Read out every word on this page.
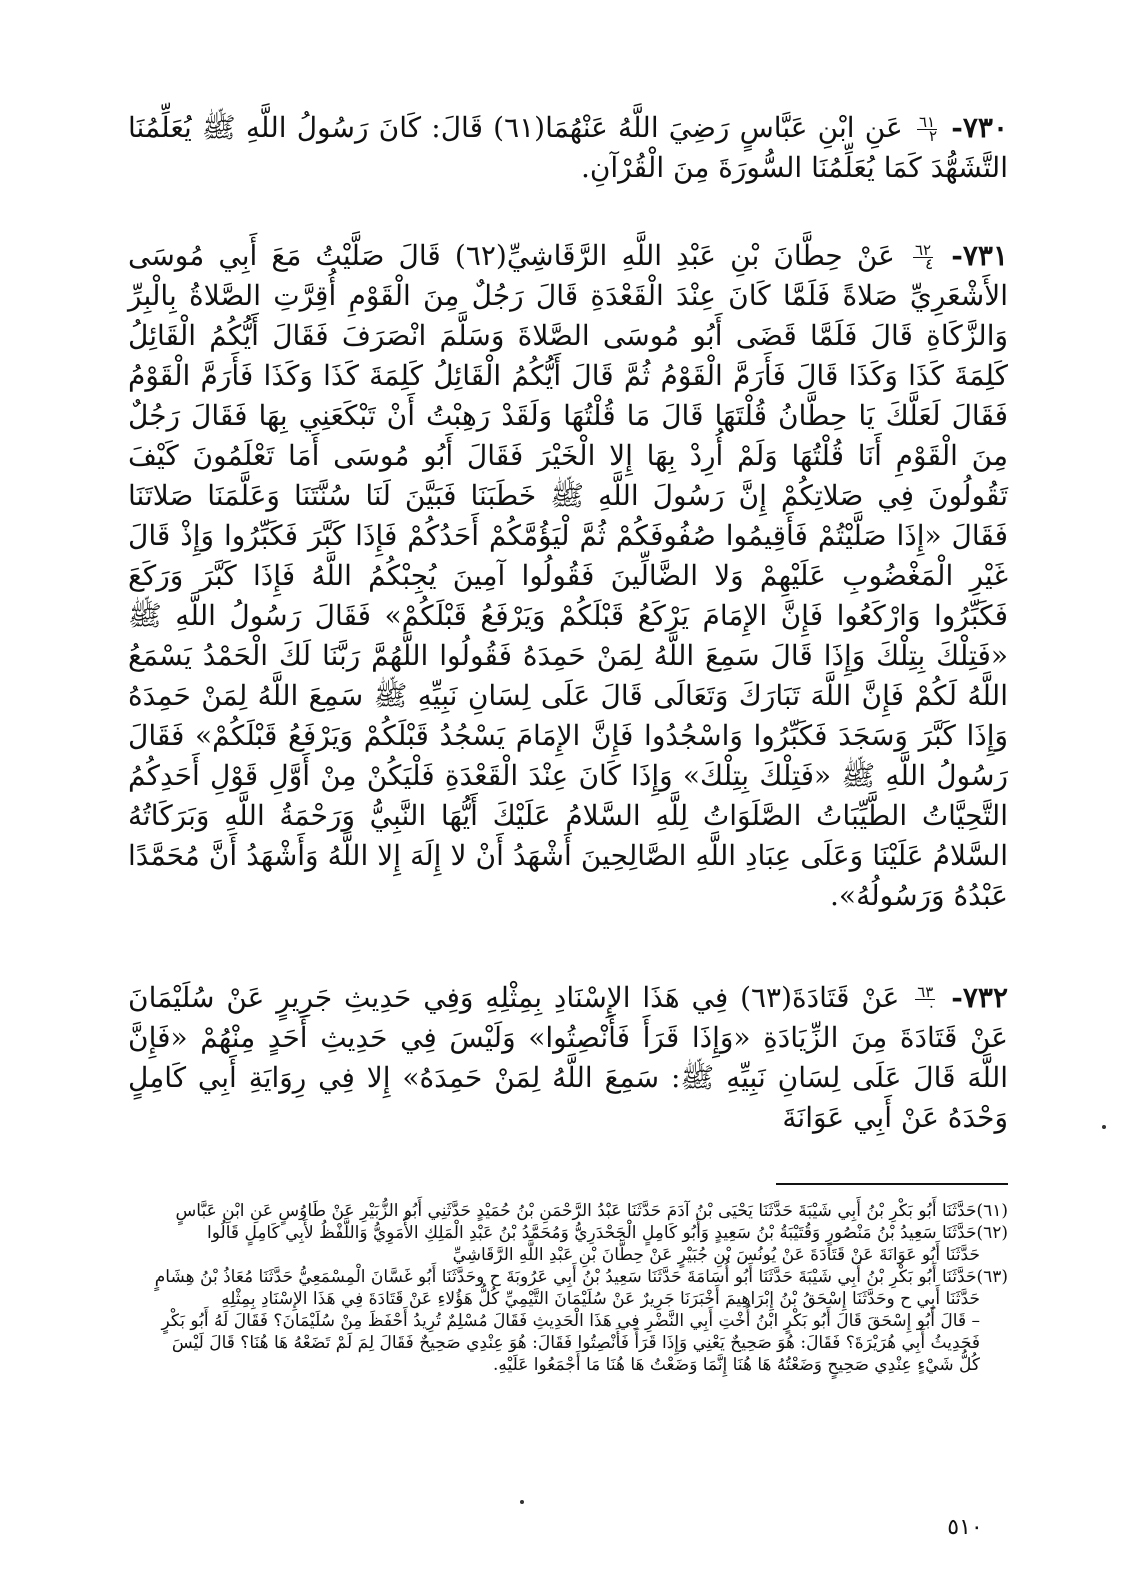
٧٣٠-
$\frac{٦١}{٢}$
عَنِ ابْنِ عَبَّاسٍ رَضِيَ اللَّهُ عَنْهُمَا(٦١) قَالَ: كَانَ رَسُولُ اللَّهِ ﷺ يُعَلِّمُنَا التَّشَهُّدَ كَمَا يُعَلِّمُنَا السُّورَةَ مِنَ الْقُرْآنِ.

٧٣١-
$\frac{٦٢}{٤}$
عَنْ حِطَّانَ بْنِ عَبْدِ اللَّهِ الرَّقَاشِيِّ(٦٢) قَالَ صَلَّيْتُ مَعَ أَبِي مُوسَى الأَشْعَرِيِّ صَلاةً فَلَمَّا كَانَ عِنْدَ الْقَعْدَةِ قَالَ رَجُلٌ مِنَ الْقَوْمِ أُقِرَّتِ الصَّلاةُ بِالْبِرِّ وَالزَّكَاةِ قَالَ فَلَمَّا قَضَى أَبُو مُوسَى الصَّلاةَ وَسَلَّمَ انْصَرَفَ فَقَالَ أَيُّكُمُ الْقَائِلُ كَلِمَةَ كَذَا وَكَذَا قَالَ فَأَرَمَّ الْقَوْمُ ثُمَّ قَالَ أَيُّكُمُ الْقَائِلُ كَلِمَةَ كَذَا وَكَذَا فَأَرَمَّ الْقَوْمُ فَقَالَ لَعَلَّكَ يَا حِطَّانُ قُلْتَهَا قَالَ مَا قُلْتُهَا وَلَقَدْ رَهِبْتُ أَنْ تَبْكَعَنِي بِهَا فَقَالَ رَجُلٌ مِنَ الْقَوْمِ أَنَا قُلْتُهَا وَلَمْ أُرِدْ بِهَا إِلا الْخَيْرَ فَقَالَ أَبُو مُوسَى أَمَا تَعْلَمُونَ كَيْفَ تَقُولُونَ فِي صَلاتِكُمْ إِنَّ رَسُولَ اللَّهِ ﷺ خَطَبَنَا فَبَيَّنَ لَنَا سُنَّتَنَا وَعَلَّمَنَا صَلاتَنَا فَقَالَ «إِذَا صَلَّيْتُمْ فَأَقِيمُوا صُفُوفَكُمْ ثُمَّ لْيَؤُمَّكُمْ أَحَدُكُمْ فَإِذَا كَبَّرَ فَكَبِّرُوا وَإِذْ قَالَ غَيْرِ الْمَغْضُوبِ عَلَيْهِمْ وَلا الضَّالِّينَ فَقُولُوا آمِينَ يُجِبْكُمُ اللَّهُ فَإِذَا كَبَّرَ وَرَكَعَ فَكَبِّرُوا وَارْكَعُوا فَإِنَّ الإِمَامَ يَرْكَعُ قَبْلَكُمْ وَيَرْفَعُ قَبْلَكُمْ» فَقَالَ رَسُولُ اللَّهِ ﷺ «فَتِلْكَ بِتِلْكَ وَإِذَا قَالَ سَمِعَ اللَّهُ لِمَنْ حَمِدَهُ فَقُولُوا اللَّهُمَّ رَبَّنَا لَكَ الْحَمْدُ يَسْمَعُ اللَّهُ لَكُمْ فَإِنَّ اللَّهَ تَبَارَكَ وَتَعَالَى قَالَ عَلَى لِسَانِ نَبِيِّهِ ﷺ سَمِعَ اللَّهُ لِمَنْ حَمِدَهُ وَإِذَا كَبَّرَ وَسَجَدَ فَكَبِّرُوا وَاسْجُدُوا فَإِنَّ الإِمَامَ يَسْجُدُ قَبْلَكُمْ وَيَرْفَعُ قَبْلَكُمْ» فَقَالَ رَسُولُ اللَّهِ ﷺ «فَتِلْكَ بِتِلْكَ» وَإِذَا كَانَ عِنْدَ الْقَعْدَةِ فَلْيَكُنْ مِنْ أَوَّلِ قَوْلِ أَحَدِكُمُ التَّحِيَّاتُ الطَّيِّبَاتُ الصَّلَوَاتُ لِلَّهِ السَّلامُ عَلَيْكَ أَيُّهَا النَّبِيُّ وَرَحْمَةُ اللَّهِ وَبَرَكَاتُهُ السَّلامُ عَلَيْنَا وَعَلَى عِبَادِ اللَّهِ الصَّالِحِينَ أَشْهَدُ أَنْ لا إِلَهَ إِلا اللَّهُ وَأَشْهَدُ أَنَّ مُحَمَّدًا عَبْدُهُ وَرَسُولُهُ».

٧٣٢-
$\frac{٦٣}{٠}$
عَنْ قَتَادَةَ(٦٣) فِي هَذَا الإِسْنَادِ بِمِثْلِهِ وَفِي حَدِيثِ جَرِيرٍ عَنْ سُلَيْمَانَ عَنْ قَتَادَةَ مِنَ الزِّيَادَةِ «وَإِذَا قَرَأَ فَأَنْصِتُوا» وَلَيْسَ فِي حَدِيثِ أَحَدٍ مِنْهُمْ «فَإِنَّ اللَّهَ قَالَ عَلَى لِسَانِ نَبِيِّهِ ﷺ: سَمِعَ اللَّهُ لِمَنْ حَمِدَهُ» إِلا فِي رِوَايَةِ أَبِي كَامِلٍ وَحْدَهُ عَنْ أَبِي عَوَانَةَ

(٦١)حَدَّثَنَا أَبُو بَكْرِ بْنُ أَبِي شَيْبَةَ حَدَّثَنَا يَحْيَى بْنُ آدَمَ حَدَّثَنَا عَبْدُ الرَّحْمَنِ بْنُ حُمَيْدٍ حَدَّثَنِي أَبُو الزُّبَيْرِ عَنْ طَاوُسٍ عَنِ ابْنِ عَبَّاسٍ

(٦٢)حَدَّثَنَا سَعِيدُ بْنُ مَنْصُورٍ وَقُتَيْبَةُ بْنُ سَعِيدٍ وَأَبُو كَامِلٍ الْجَحْدَرِيُّ وَمُحَمَّدُ بْنُ عَبْدِ الْمَلِكِ الأُمَوِيُّ وَاللَّفْظُ لأَبِي كَامِلٍ قَالُوا

حَدَّثَنَا أَبُو عَوَانَةَ عَنْ قَتَادَةَ عَنْ يُونُسَ بْنِ جُبَيْرٍ عَنْ حِطَّانَ بْنِ عَبْدِ اللَّهِ الرَّقَاشِيِّ

(٦٣)حَدَّثَنَا أَبُو بَكْرِ بْنُ أَبِي شَيْبَةَ حَدَّثَنَا أَبُو أُسَامَةَ حَدَّثَنَا سَعِيدُ بْنُ أَبِي عَرُوبَةَ ح وحَدَّثَنَا أَبُو غَسَّانَ الْمِسْمَعِيُّ حَدَّثَنَا مُعَاذُ بْنُ هِشَامٍ

حَدَّثَنَا أَبِي ح وحَدَّثَنَا إِسْحَقُ بْنُ إِبْرَاهِيمَ أَخْبَرَنَا جَرِيرٌ عَنْ سُلَيْمَانَ التَّيْمِيِّ كُلُّ هَؤُلاءِ عَنْ قَتَادَةَ فِي هَذَا الإِسْنَادِ بِمِثْلِهِ

– قَالَ أَبُو إِسْحَقَ قَالَ أَبُو بَكْرٍ ابْنُ أُخْتِ أَبِي النَّضْرِ فِي هَذَا الْحَدِيثِ فَقَالَ مُسْلِمٌ تُرِيدُ أَحْفَظَ مِنْ سُلَيْمَانَ؟ فَقَالَ لَهُ أَبُو بَكْرٍ

فَحَدِيثُ أَبِي هُرَيْرَةَ؟ فَقَالَ: هُوَ صَحِيحٌ يَعْنِي وَإِذَا قَرَأَ فَأَنْصِتُوا فَقَالَ: هُوَ عِنْدِي صَحِيحٌ فَقَالَ لِمَ لَمْ تَضَعْهُ هَا هُنَا؟ قَالَ لَيْسَ

كُلُّ شَيْءٍ عِنْدِي صَحِيحٍ وَضَعْتُهُ هَا هُنَا إِنَّمَا وَضَعْتُ هَا هُنَا مَا أَجْمَعُوا عَلَيْهِ.

٥١٠
